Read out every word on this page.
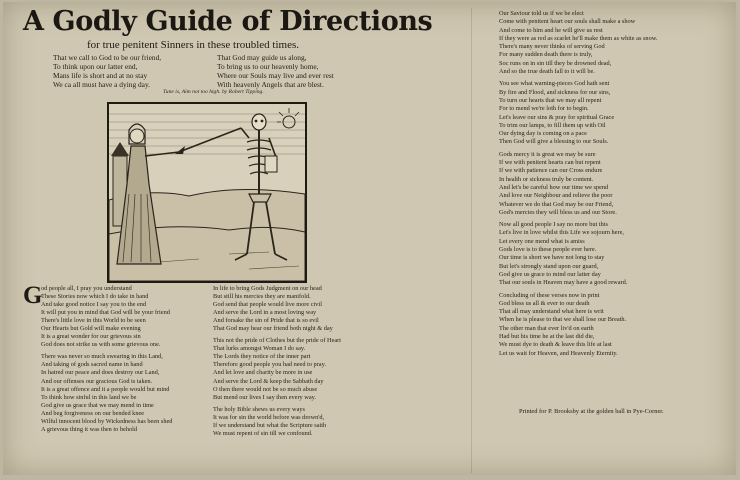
A Godly Guide of Directions
for true penitent Sinners in these troubled times.
That we call to God to be our friend,
To think upon our latter end,
Mans life is short and at no stay
We ca all must have a dying day.
That God may guide us along,
To bring us to our heavenly home,
Where our Souls may live and ever rest
With heavenly Angels that are blest.
Tune is, Aim not too high. by Robert Tipping.
G
od people all, I pray you understand
These Stories now which I do take in hand
And take good notice I say you to the end
It will put you in mind that God will be your friend
There's little love in this World to be seen
Our Hearts but Gold will make evening
It is a great wonder for our grievous sin
God does not strike us with some grievous one.
There was never so much swearing in this Land,
And taking of gods sacred name in hand
In hatred our peace and does destroy our Land,
And our offenses our gracious God ts taken.
It is a great offence and it a people would but mind
To think how sinful in this land we be
God give us grace that we may mend in time
And beg forgiveness on our bended knee
Wilful innocent blood by Wickedness has been shed
A grievous thing it was then to behold
In life to bring Gods Judgment on our head
But still his mercies they are manifold.
God send that people would live more civil
And serve the Lord in a most loving way
And forsake the sin of Pride that is so evil
That God may hear our friend both night & day
This not the pride of Clothes but the pride of Heart
That lurks amongst Woman I do say.
The Lords they notice of the inner part
Therefore good people you had need to pray.
And let love and charity be more in use
And serve the Lord & keep the Sabbath day
O then there would not be so much abuse
But mend our lives I say then every way.
The holy Bible shews us every ways
It was for sin the world before was drown'd,
If we understand but what the Scripture saith
We must repent of sin till we confound.
Our Saviour told us if we be elect
Come with penitent heart our souls shall make a show
And come to him and he will give us rest
If they were as red as scarlet he'll make them as white as snow.
There's many never thinks of serving God
For many sudden death there is truly,
Soc runs on in sin till they be drowned dead,
And so the true death fall to it will be.
You see what warning-pieces God hath sent
By fire and Flood, and sickness for our sins,
To turn our hearts that we may all repent
For to mend we're loth for to begin.
Let's leave our sins & pray for spiritual Grace
To trim our lamps, to fill them up with Oil
Our dying day is coming on a pace
Then God will give a blessing to our Souls.
Gods mercy it is great we may be sure
If we with penitent hearts can but repent
If we with patience can our Cross endure
In health or sickness truly be content.
And let's be careful how our time we spend
And love our Neighbour and relieve the poor
Whatever we do that God may be our Friend,
God's mercies they will bless us and our Store.
Now all good people I say no more but this
Let's live in love whilst this Life we sojourn here,
Let every one mend what is amiss
Gods love is to these people ever here.
Our time is short we have not long to stay
But let's strongly stand upon our guard,
God give us grace to mind our latter day
That our souls in Heaven may have a good reward.
Concluding of these verses now in print
God bless us all & ever to our death
That all may understand what here is writ
When he is please to that we shall lose our Breath.
The other man that ever liv'd on earth
Had but his time he at the last did die,
We must dye to death & leave this life at last
Let us wait for Heaven, and Heavenly Eternity.
Printed for P. Brooksby at the golden ball in Pye-Corner.
